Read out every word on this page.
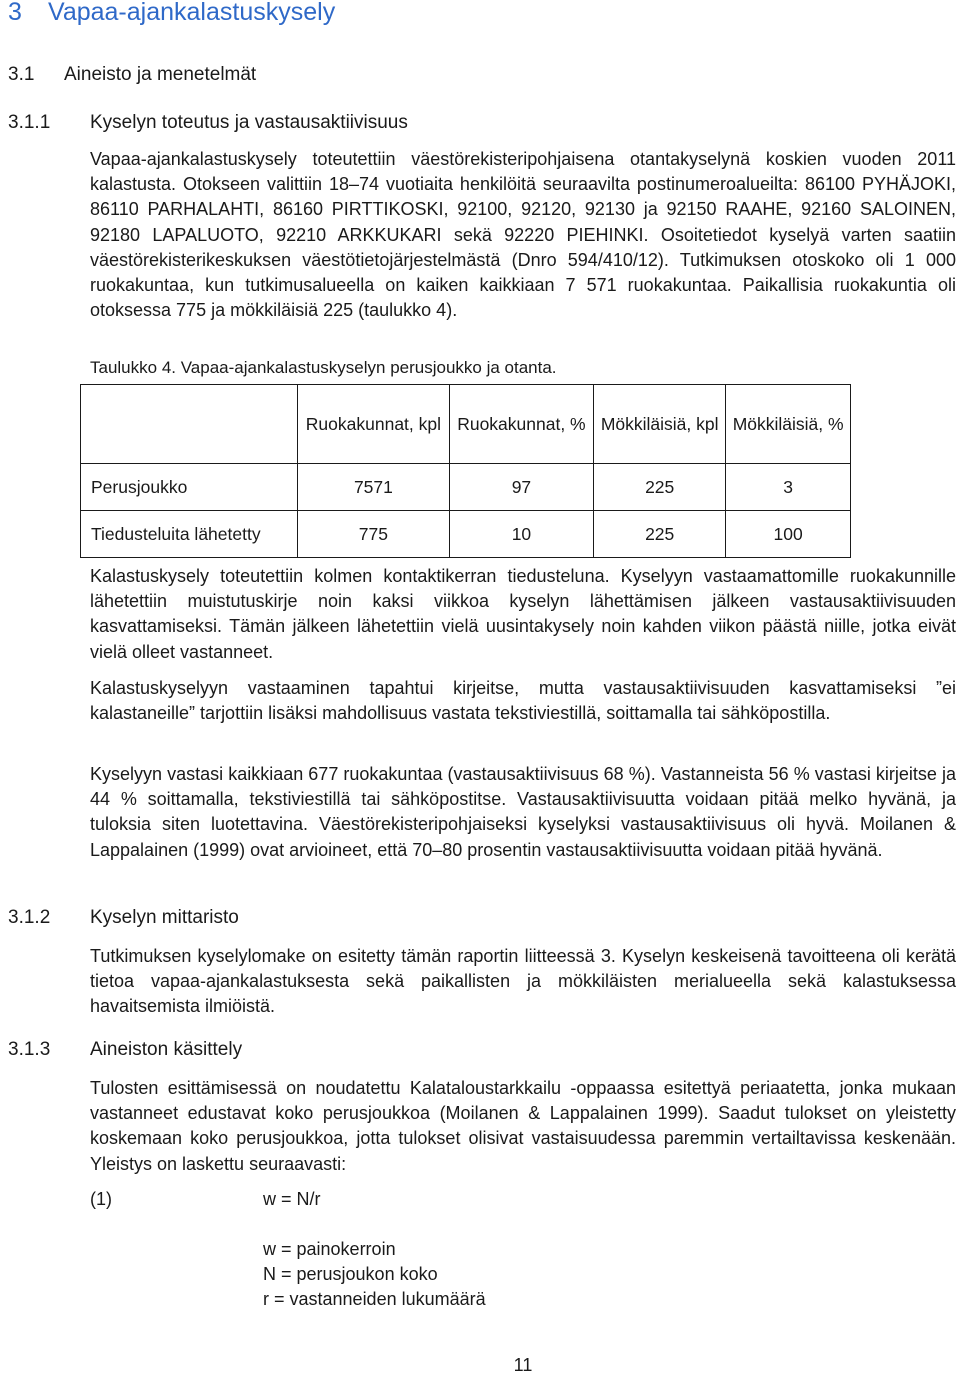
3 Vapaa-ajankalastuskysely
3.1 Aineisto ja menetelmät
3.1.1 Kyselyn toteutus ja vastausaktiivisuus
Vapaa-ajankalastuskysely toteutettiin väestörekisteripohjaisena otantakyselynä koskien vuoden 2011 kalastusta. Otokseen valittiin 18–74 vuotiaita henkilöitä seuraavilta postinumeroalueilta: 86100 PYHÄJOKI, 86110 PARHALAHTI, 86160 PIRTTIKOSKI, 92100, 92120, 92130 ja 92150 RAAHE, 92160 SALOINEN, 92180 LAPALUOTO, 92210 ARKKUKARI sekä 92220 PIEHINKI. Osoitetiedot kyselyä varten saatiin väestörekisterikeskuksen väestötietojärjestelmästä (Dnro 594/410/12). Tutkimuksen otoskoko oli 1 000 ruokakuntaa, kun tutkimusalueella on kaiken kaikkiaan 7 571 ruokakuntaa. Paikallisia ruokakuntia oli otoksessa 775 ja mökkiläisiä 225 (taulukko 4).
Taulukko 4. Vapaa-ajankalastuskyselyn perusjoukko ja otanta.
	Ruokakunnat, kpl	Ruokakunnat, %	Mökkiläisiä, kpl	Mökkiläisiä, %
Perusjoukko	7571	97	225	3
Tiedusteluita lähetetty	775	10	225	100
Kalastuskysely toteutettiin kolmen kontaktikerran tiedusteluna. Kyselyyn vastaamattomille ruokakunnille lähetettiin muistutuskirje noin kaksi viikkoa kyselyn lähettämisen jälkeen vastausaktiivisuuden kasvattamiseksi. Tämän jälkeen lähetettiin vielä uusintakysely noin kahden viikon päästä niille, jotka eivät vielä olleet vastanneet.
Kalastuskyselyyn vastaaminen tapahtui kirjeitse, mutta vastausaktiivisuuden kasvattamiseksi ”ei kalastaneille” tarjottiin lisäksi mahdollisuus vastata tekstiviestillä, soittamalla tai sähköpostilla.
Kyselyyn vastasi kaikkiaan 677 ruokakuntaa (vastausaktiivisuus 68 %). Vastanneista 56 % vastasi kirjeitse ja 44 % soittamalla, tekstiviestillä tai sähköpostitse. Vastausaktiivisuutta voidaan pitää melko hyvänä, ja tuloksia siten luotettavina. Väestörekisteripohjaiseksi kyselyksi vastausaktiivisuus oli hyvä. Moilanen & Lappalainen (1999) ovat arvioineet, että 70–80 prosentin vastausaktiivisuutta voidaan pitää hyvänä.
3.1.2 Kyselyn mittaristo
Tutkimuksen kyselylomake on esitetty tämän raportin liitteessä 3. Kyselyn keskeisenä tavoitteena oli kerätä tietoa vapaa-ajankalastuksesta sekä paikallisten ja mökkiläisten merialueella sekä kalastuksessa havaitsemista ilmiöistä.
3.1.3 Aineiston käsittely
Tulosten esittämisessä on noudatettu Kalataloustarkkailu -oppaassa esitettyä periaatetta, jonka mukaan vastanneet edustavat koko perusjoukkoa (Moilanen & Lappalainen 1999). Saadut tulokset on yleistetty koskemaan koko perusjoukkoa, jotta tulokset olisivat vastaisuudessa paremmin vertailtavissa keskenään. Yleistys on laskettu seuraavasti:
(1)	w = N/r
w = painokerroin
N = perusjoukon koko
r = vastanneiden lukumäärä
11
